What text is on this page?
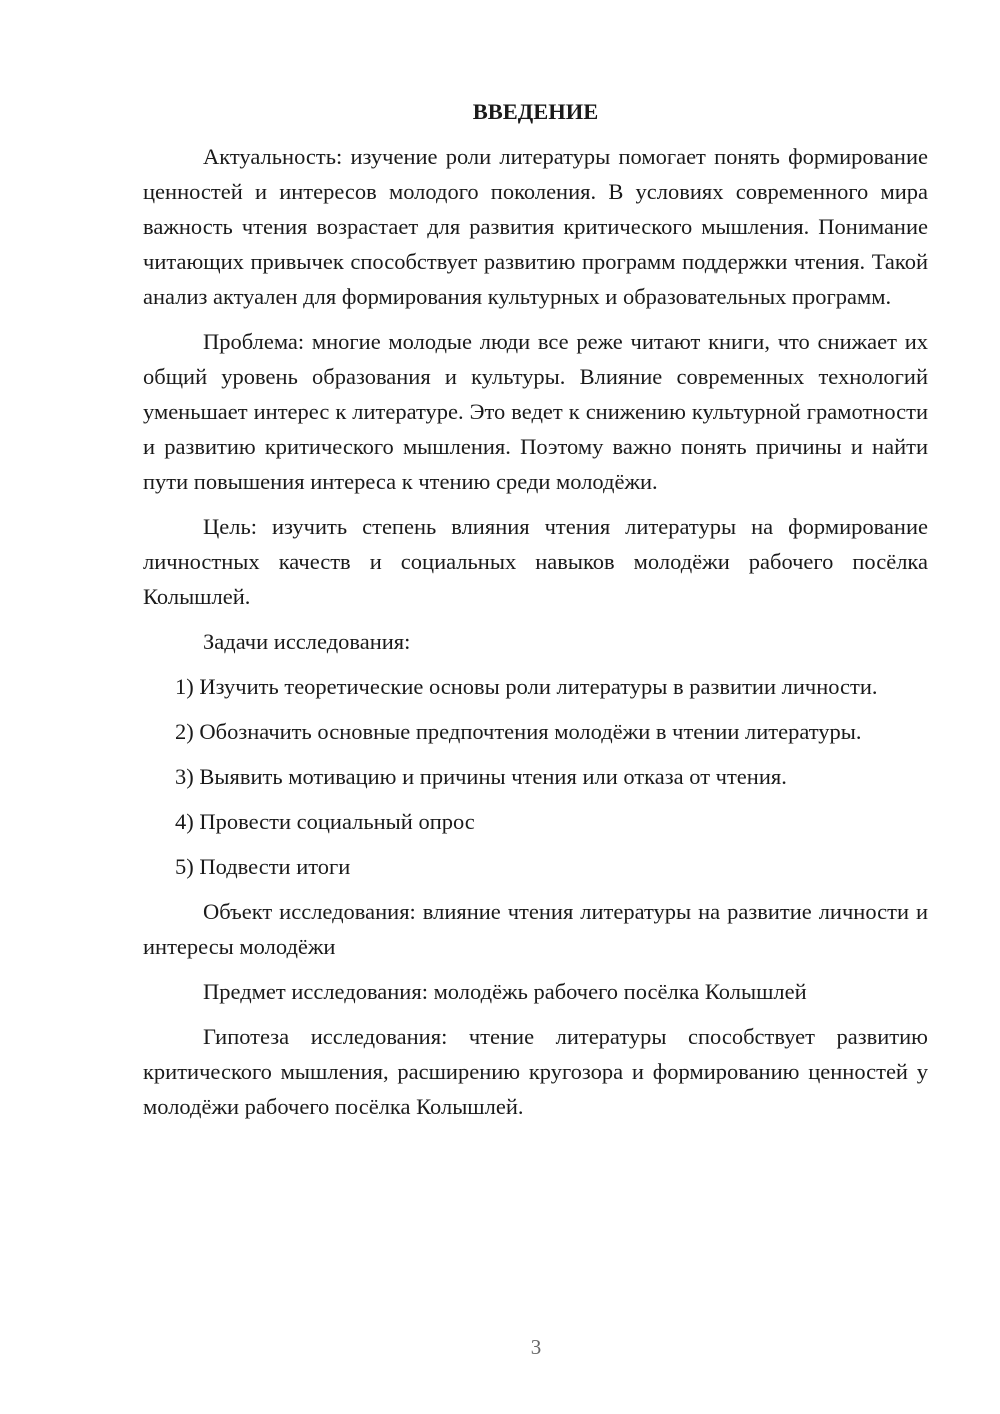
ВВЕДЕНИЕ

Актуальность: изучение роли литературы помогает понять формирование ценностей и интересов молодого поколения. В условиях современного мира важность чтения возрастает для развития критического мышления. Понимание читающих привычек способствует развитию программ поддержки чтения. Такой анализ актуален для формирования культурных и образовательных программ.

Проблема: многие молодые люди все реже читают книги, что снижает их общий уровень образования и культуры. Влияние современных технологий уменьшает интерес к литературе. Это ведет к снижению культурной грамотности и развитию критического мышления. Поэтому важно понять причины и найти пути повышения интереса к чтению среди молодёжи.

Цель: изучить степень влияния чтения литературы на формирование личностных качеств и социальных навыков молодёжи рабочего посёлка Колышлей.

Задачи исследования:

1) Изучить теоретические основы роли литературы в развитии личности.
2) Обозначить основные предпочтения молодёжи в чтении литературы.
3) Выявить мотивацию и причины чтения или отказа от чтения.
4) Провести социальный опрос
5) Подвести итоги

Объект исследования: влияние чтения литературы на развитие личности и интересы молодёжи

Предмет исследования: молодёжь рабочего посёлка Колышлей

Гипотеза исследования: чтение литературы способствует развитию критического мышления, расширению кругозора и формированию ценностей у молодёжи рабочего посёлка Колышлей.

3
